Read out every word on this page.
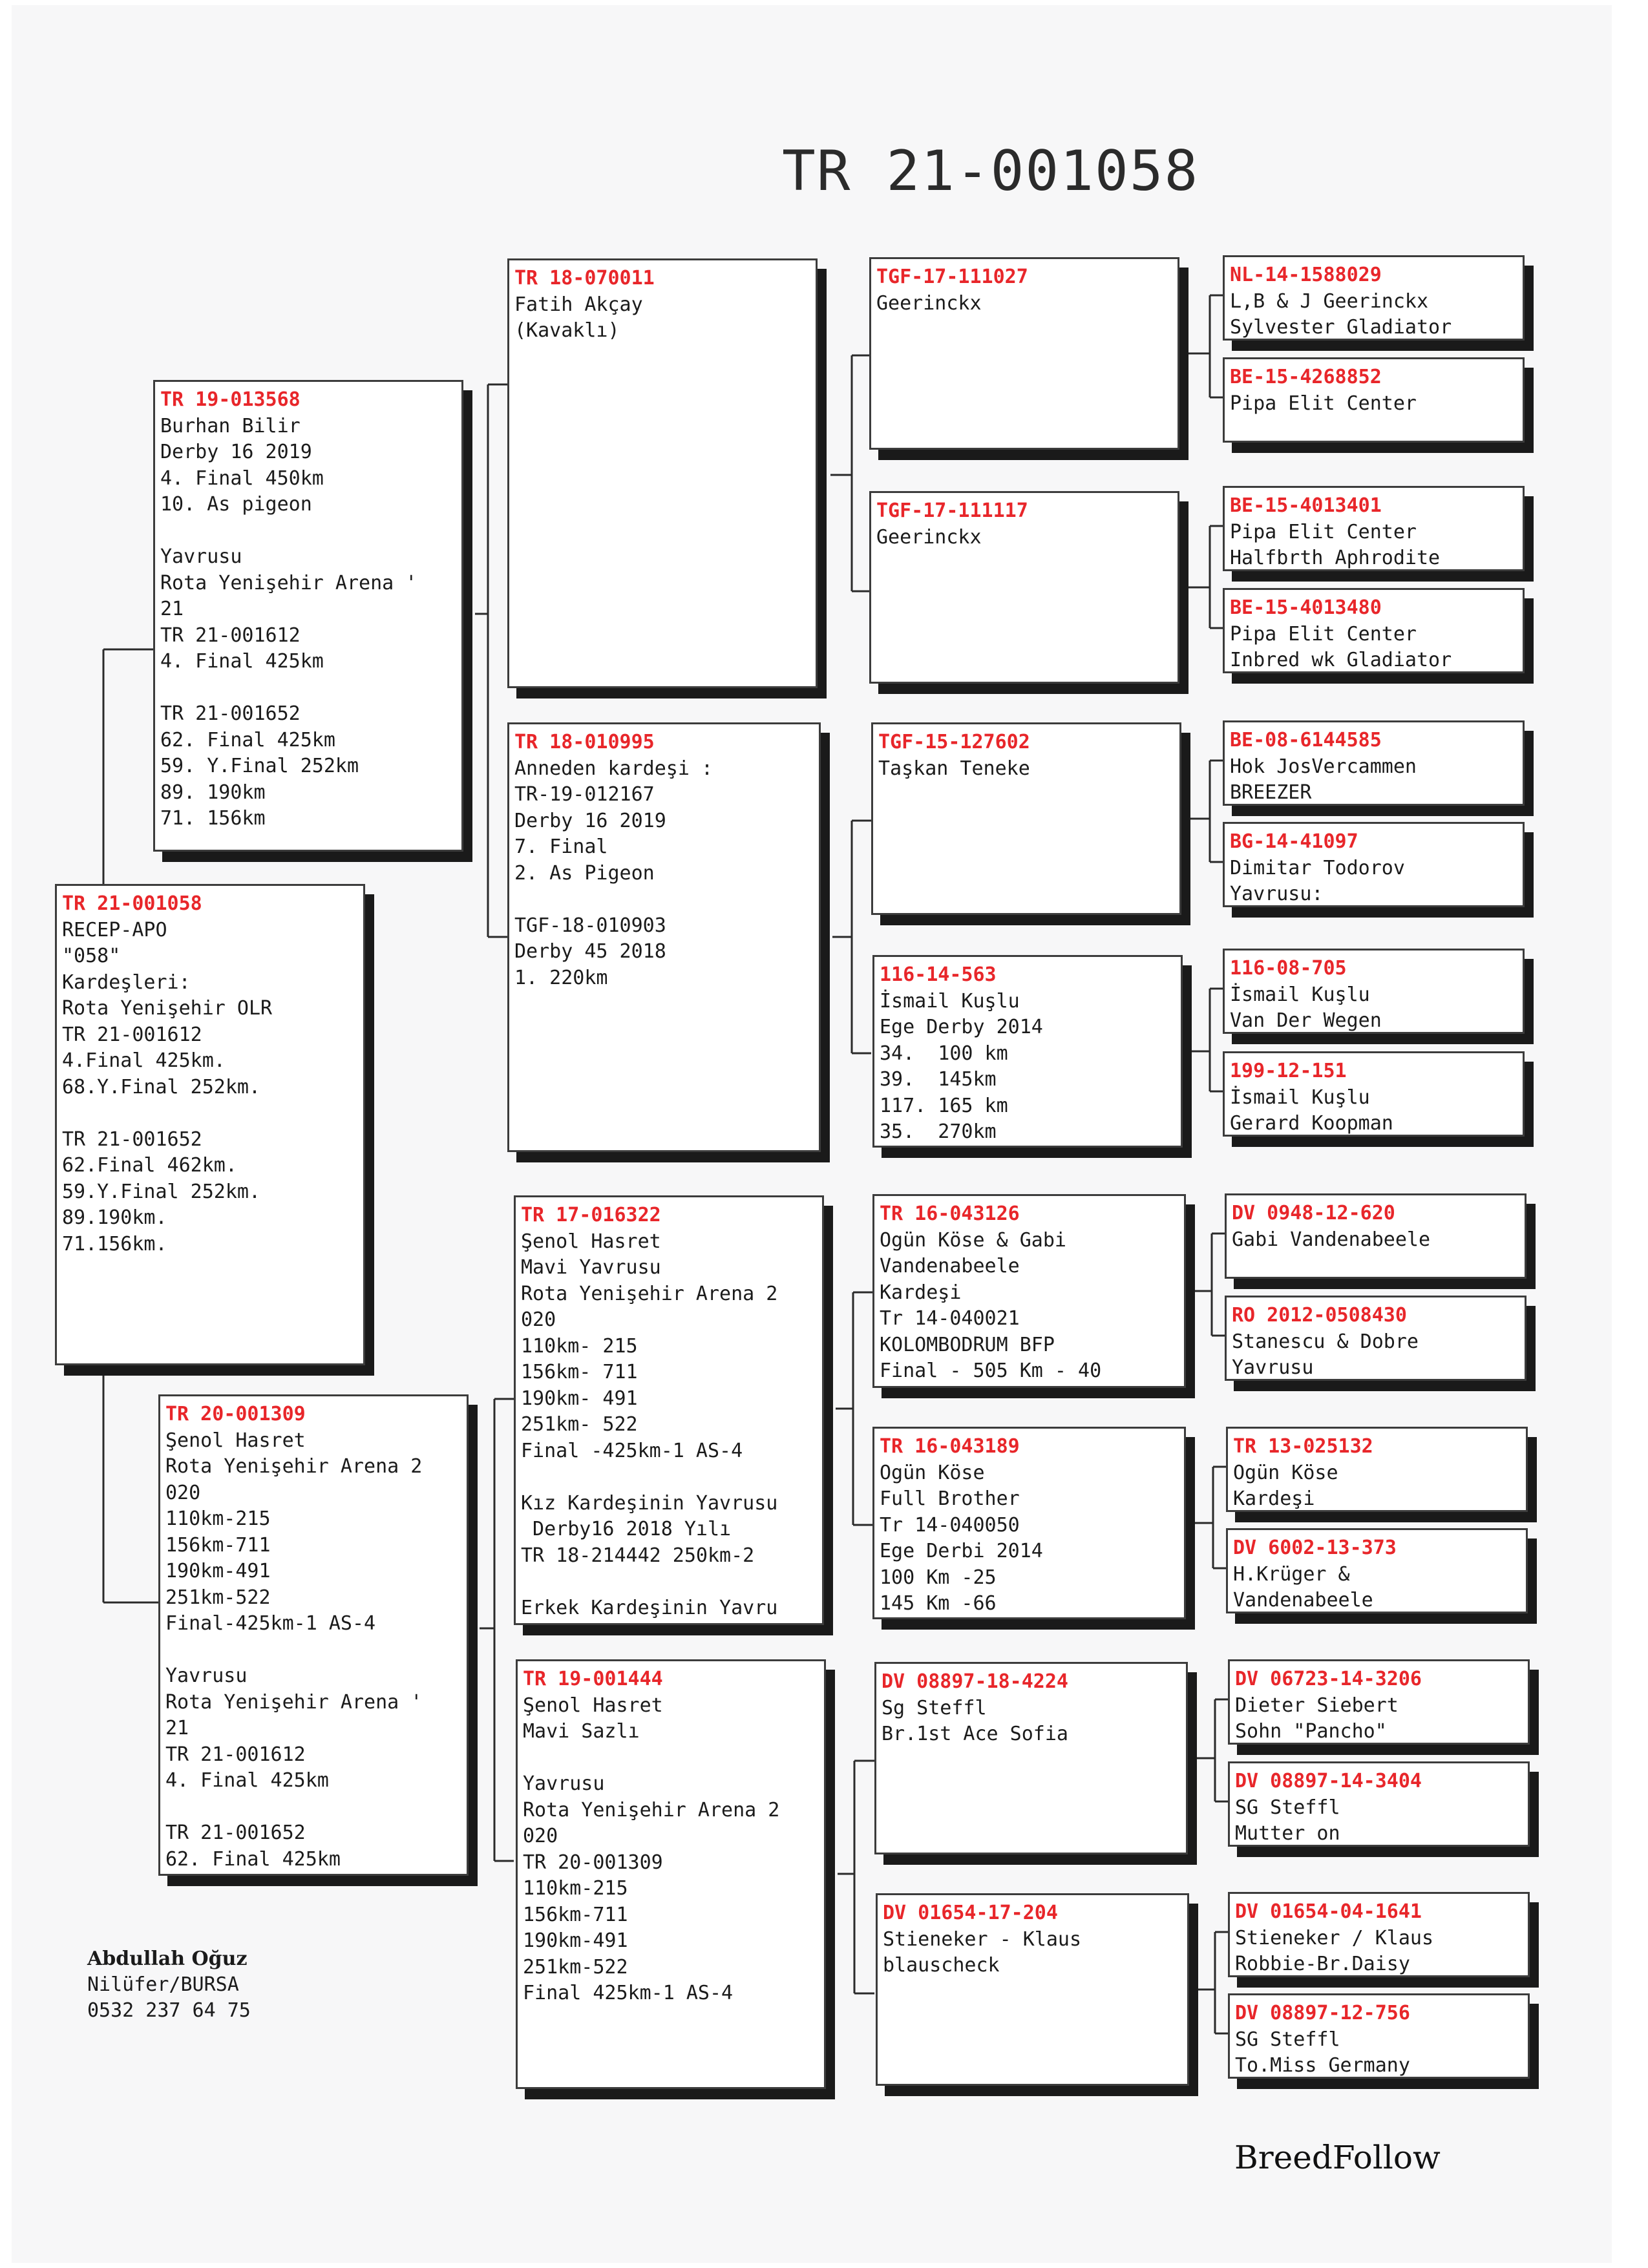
TR 21-001058
TR 21-001058
RECEP-APO
"058"
Kardeşleri:
Rota Yenişehir OLR
TR 21-001612
4.Final 425km.
68.Y.Final 252km.
TR 21-001652
62.Final 462km.
59.Y.Final 252km.
89.190km.
71.156km.
TR 19-013568
Burhan Bilir
Derby 16 2019
4. Final 450km
10. As pigeon
Yavrusu
Rota Yenişehir Arena '
21
TR 21-001612
4. Final 425km
TR 21-001652
62. Final 425km
59. Y.Final 252km
89. 190km
71. 156km
TR 20-001309
Şenol Hasret
Rota Yenişehir Arena 2
020
110km-215
156km-711
190km-491
251km-522
Final-425km-1 AS-4
Yavrusu
Rota Yenişehir Arena '
21
TR 21-001612
4. Final 425km
TR 21-001652
62. Final 425km
TR 18-070011
Fatih Akçay
(Kavaklı)
TR 18-010995
Anneden kardeşi :
TR-19-012167
Derby 16 2019
7. Final
2. As Pigeon
TGF-18-010903
Derby 45 2018
1. 220km
TR 17-016322
Şenol Hasret
Mavi Yavrusu
Rota Yenişehir Arena 2
020
110km- 215
156km- 711
190km- 491
251km- 522
Final -425km-1 AS-4
Kız Kardeşinin Yavrusu
Derby16 2018 Yılı
TR 18-214442 250km-2
Erkek Kardeşinin Yavru
TR 19-001444
Şenol Hasret
Mavi Sazlı
Yavrusu
Rota Yenişehir Arena 2
020
TR 20-001309
110km-215
156km-711
190km-491
251km-522
Final 425km-1 AS-4
TGF-17-111027
Geerinckx
TGF-17-111117
Geerinckx
TGF-15-127602
Taşkan Teneke
116-14-563
İsmail Kuşlu
Ege Derby 2014
34.  100 km
39.  145km
117. 165 km
35.  270km
TR 16-043126
Ogün Köse & Gabi
Vandenabeele
Kardeşi
Tr 14-040021
KOLOMBODRUM BFP
Final - 505 Km - 40
TR 16-043189
Ogün Köse
Full Brother
Tr 14-040050
Ege Derbi 2014
100 Km -25
145 Km -66
DV 08897-18-4224
Sg Steffl
Br.1st Ace Sofia
DV 01654-17-204
Stieneker - Klaus
blauscheck
NL-14-1588029
L,B & J Geerinckx
Sylvester Gladiator
BE-15-4268852
Pipa Elit Center
BE-15-4013401
Pipa Elit Center
Halfbrth Aphrodite
BE-15-4013480
Pipa Elit Center
Inbred wk Gladiator
BE-08-6144585
Hok JosVercammen
BREEZER
BG-14-41097
Dimitar Todorov
Yavrusu:
116-08-705
İsmail Kuşlu
Van Der Wegen
199-12-151
İsmail Kuşlu
Gerard Koopman
DV 0948-12-620
Gabi Vandenabeele
RO 2012-0508430
Stanescu & Dobre
Yavrusu
TR 13-025132
Ogün Köse
Kardeşi
DV 6002-13-373
H.Krüger &
Vandenabeele
DV 06723-14-3206
Dieter Siebert
Sohn "Pancho"
DV 08897-14-3404
SG Steffl
Mutter on
DV 01654-04-1641
Stieneker / Klaus
Robbie-Br.Daisy
DV 08897-12-756
SG Steffl
To.Miss Germany
Abdullah Oğuz
Nilüfer/BURSA
0532 237 64 75
BreedFollow
